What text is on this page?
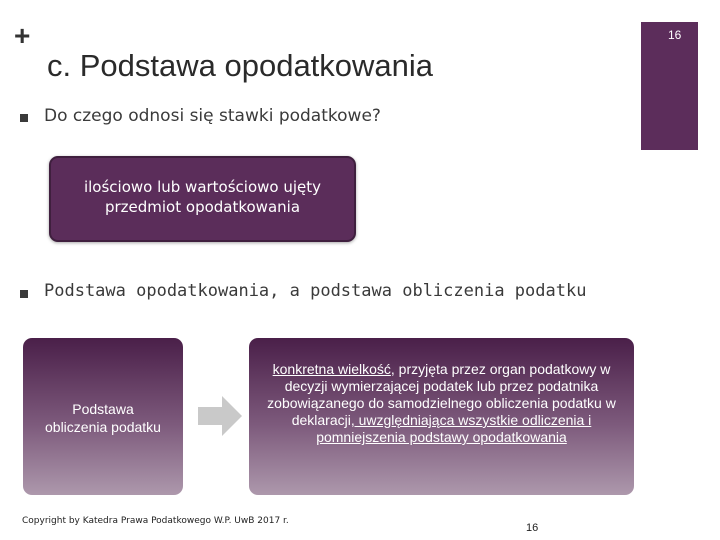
+
c. Podstawa opodatkowania
16
Do czego odnosi się stawki podatkowe?
ilościowo lub wartościowo ujęty
przedmiot opodatkowania
Podstawa opodatkowania, a podstawa obliczenia podatku
Podstawa
obliczenia podatku
konkretna wielkość, przyjęta przez organ podatkowy w decyzji wymierzającej podatek lub przez podatnika zobowiązanego do samodzielnego obliczenia podatku w deklaracji, uwzględniająca wszystkie odliczenia i pomniejszenia podstawy opodatkowania
Copyright by Katedra Prawa Podatkowego W.P. UwB 2017 r.
16
